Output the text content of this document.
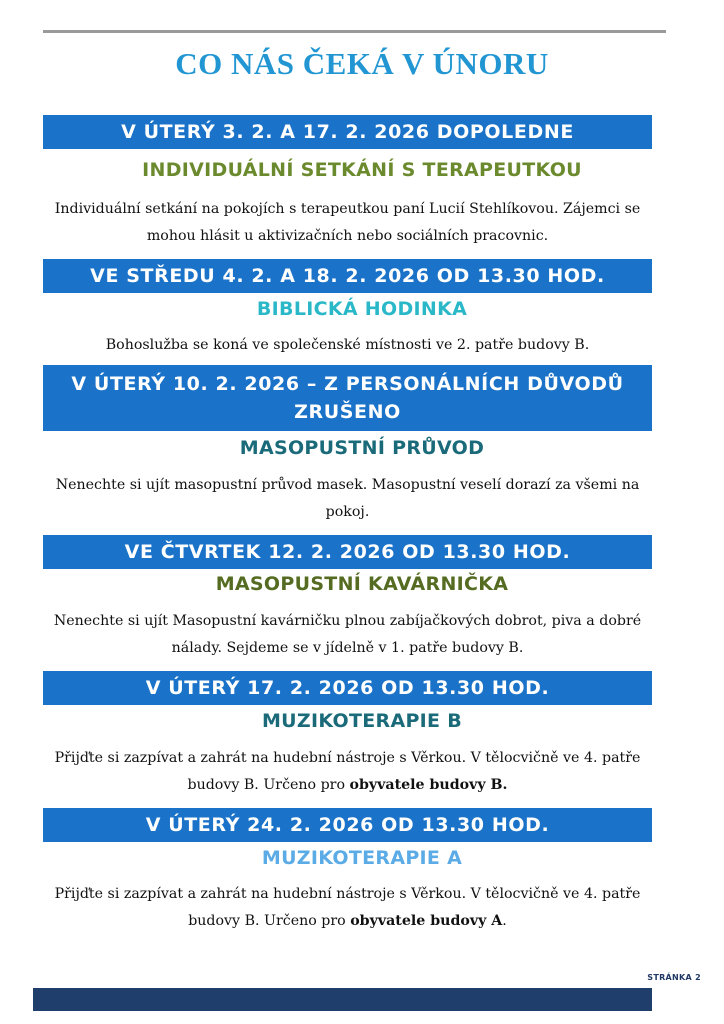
CO NÁS ČEKÁ V ÚNORU
V ÚTERÝ 3. 2. A 17. 2. 2026 DOPOLEDNE
INDIVIDUÁLNÍ SETKÁNÍ S TERAPEUTKOU
Individuální setkání na pokojích s terapeutkou paní Lucií Stehlíkovou. Zájemci se mohou hlásit u aktivizačních nebo sociálních pracovnic.
VE STŘEDU 4. 2. A 18. 2. 2026 OD 13.30 HOD.
BIBLICKÁ HODINKA
Bohoslužba se koná ve společenské místnosti ve 2. patře budovy B.
V ÚTERÝ 10. 2. 2026 – Z PERSONÁLNÍCH DŮVODŮ
ZRUŠENO
MASOPUSTNÍ PRŮVOD
Nenechte si ujít masopustní průvod masek. Masopustní veselí dorazí za všemi na pokoj.
VE ČTVRTEK 12. 2. 2026 OD 13.30 HOD.
MASOPUSTNÍ KAVÁRNIČKA
Nenechte si ujít Masopustní kavárničku plnou zabíjačkových dobrot, piva a dobré nálady. Sejdeme se v jídelně v 1. patře budovy B.
V ÚTERÝ 17. 2. 2026 OD 13.30 HOD.
MUZIKOTERAPIE B
Přijďte si zazpívat a zahrát na hudební nástroje s Věrkou. V tělocvičně ve 4. patře budovy B. Určeno pro obyvatele budovy B.
V ÚTERÝ 24. 2. 2026 OD 13.30 HOD.
MUZIKOTERAPIE A
Přijďte si zazpívat a zahrát na hudební nástroje s Věrkou. V tělocvičně ve 4. patře budovy B. Určeno pro obyvatele budovy A.
STRÁNKA 2
